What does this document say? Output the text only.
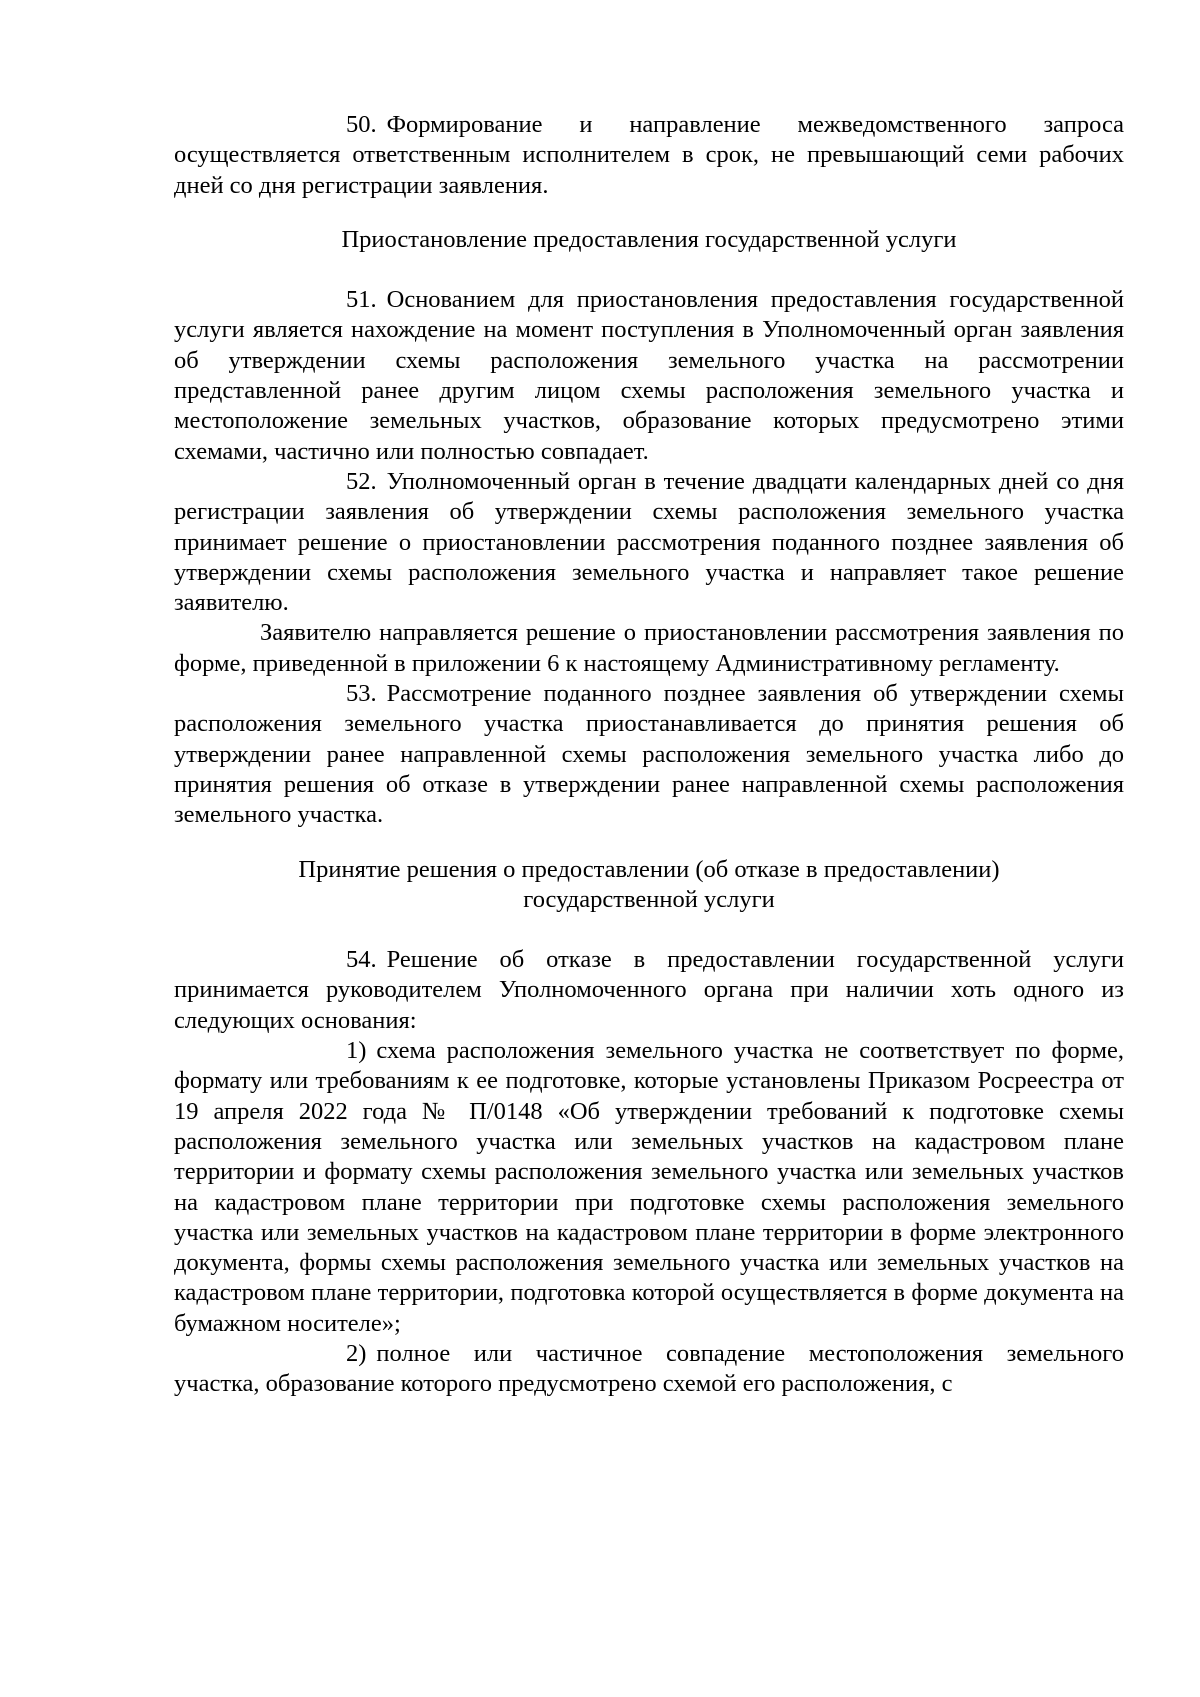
50. Формирование и направление межведомственного запроса осуществляется ответственным исполнителем в срок, не превышающий семи рабочих дней со дня регистрации заявления.

Приостановление предоставления государственной услуги

51. Основанием для приостановления предоставления государственной услуги является нахождение на момент поступления в Уполномоченный орган заявления об утверждении схемы расположения земельного участка на рассмотрении представленной ранее другим лицом схемы расположения земельного участка и местоположение земельных участков, образование которых предусмотрено этими схемами, частично или полностью совпадает.

52. Уполномоченный орган в течение двадцати календарных дней со дня регистрации заявления об утверждении схемы расположения земельного участка принимает решение о приостановлении рассмотрения поданного позднее заявления об утверждении схемы расположения земельного участка и направляет такое решение заявителю.

Заявителю направляется решение о приостановлении рассмотрения заявления по форме, приведенной в приложении 6 к настоящему Административному регламенту.

53. Рассмотрение поданного позднее заявления об утверждении схемы расположения земельного участка приостанавливается до принятия решения об утверждении ранее направленной схемы расположения земельного участка либо до принятия решения об отказе в утверждении ранее направленной схемы расположения земельного участка.

Принятие решения о предоставлении (об отказе в предоставлении)
государственной услуги

54. Решение об отказе в предоставлении государственной услуги принимается руководителем Уполномоченного органа при наличии хоть одного из следующих основания:

1) схема расположения земельного участка не соответствует по форме, формату или требованиям к ее подготовке, которые установлены Приказом Росреестра от 19 апреля 2022 года № П/0148 «Об утверждении требований к подготовке схемы расположения земельного участка или земельных участков на кадастровом плане территории и формату схемы расположения земельного участка или земельных участков на кадастровом плане территории при подготовке схемы расположения земельного участка или земельных участков на кадастровом плане территории в форме электронного документа, формы схемы расположения земельного участка или земельных участков на кадастровом плане территории, подготовка которой осуществляется в форме документа на бумажном носителе»;

2) полное или частичное совпадение местоположения земельного участка, образование которого предусмотрено схемой его расположения, с
